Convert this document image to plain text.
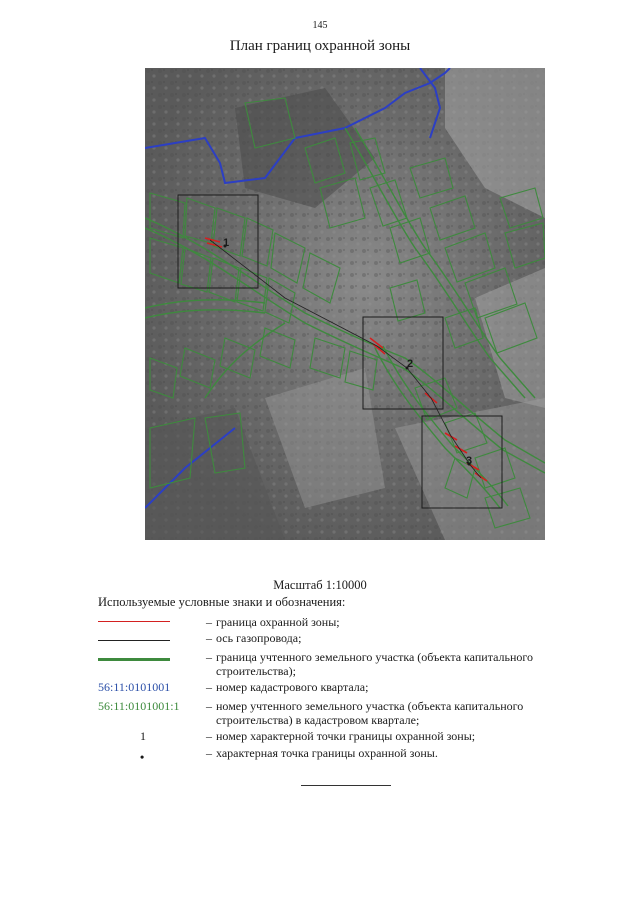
145
План границ охранной зоны
1
2
3
Масштаб 1:10000
Используемые условные знаки и обозначения:
– граница охранной зоны;
– ось газопровода;
– граница учтенного земельного участка (объекта капитального строительства);
56:11:0101001	– номер кадастрового квартала;
56:11:0101001:1	– номер учтенного земельного участка (объекта капитального строительства) в кадастровом квартале;
1	– номер характерной точки границы охранной зоны;
•	– характерная точка границы охранной зоны.
